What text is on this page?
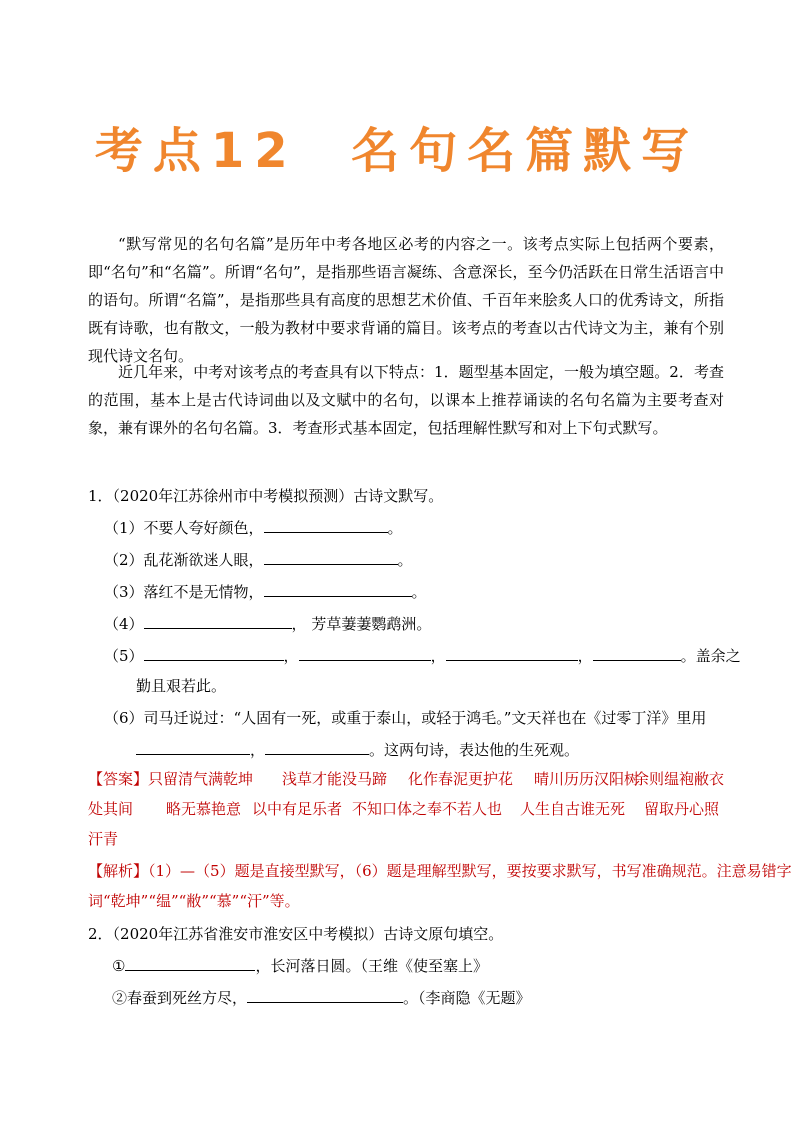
考点12 名句名篇默写
“默写常见的名句名篇”是历年中考各地区必考的内容之一。该考点实际上包括两个要素，即“名句”和“名篇”。所谓“名句”，是指那些语言凝练、含意深长，至今仍活跃在日常生活语言中的语句。所谓“名篇”，是指那些具有高度的思想艺术价值、千百年来脍炙人口的优秀诗文，所指既有诗歌，也有散文，一般为教材中要求背诵的篇目。该考点的考查以古代诗文为主，兼有个别现代诗文名句。
近几年来，中考对该考点的考查具有以下特点：1．题型基本固定，一般为填空题。2．考查的范围，基本上是古代诗词曲以及文赋中的名句，以课本上推荐诵读的名句名篇为主要考查对象，兼有课外的名句名篇。3．考查形式基本固定，包括理解性默写和对上下句式默写。
1．（2020年江苏徐州市中考模拟预测）古诗文默写。
（1）不要人夸好颜色，	。
（2）乱花渐欲迷人眼，	。
（3）落红不是无情物，	。
（4）	， 芳草萋萋鹦鹉洲。
（5）	，	，	，	。盖余之
勤且艰若此。
（6）司马迁说过：“人固有一死，或重于泰山，或轻于鸿毛。”文天祥也在《过零丁洋》里用
，	。这两句诗，表达他的生死观。
【答案】 只留清气满乾坤 浅草才能没马蹄 化作春泥更护花 晴川历历汉阳树
余则缊袍敝衣
处其间 略无慕艳意 以中有足乐者 不知口体之奉不若人也 人生自古谁无死 留取丹心照
汗青
【解析】（1）—（5）题是直接型默写，（6）题是理解型默写，要按要求默写，书写准确规范。注意易错字
词“乾坤”“缊”“敝”“慕”“汗”等。
2．（2020年江苏省淮安市淮安区中考模拟）古诗文原句填空。
①	，长河落日圆。（王维《使至塞上》
②春蚕到死丝方尽，	。（李商隐《无题》
